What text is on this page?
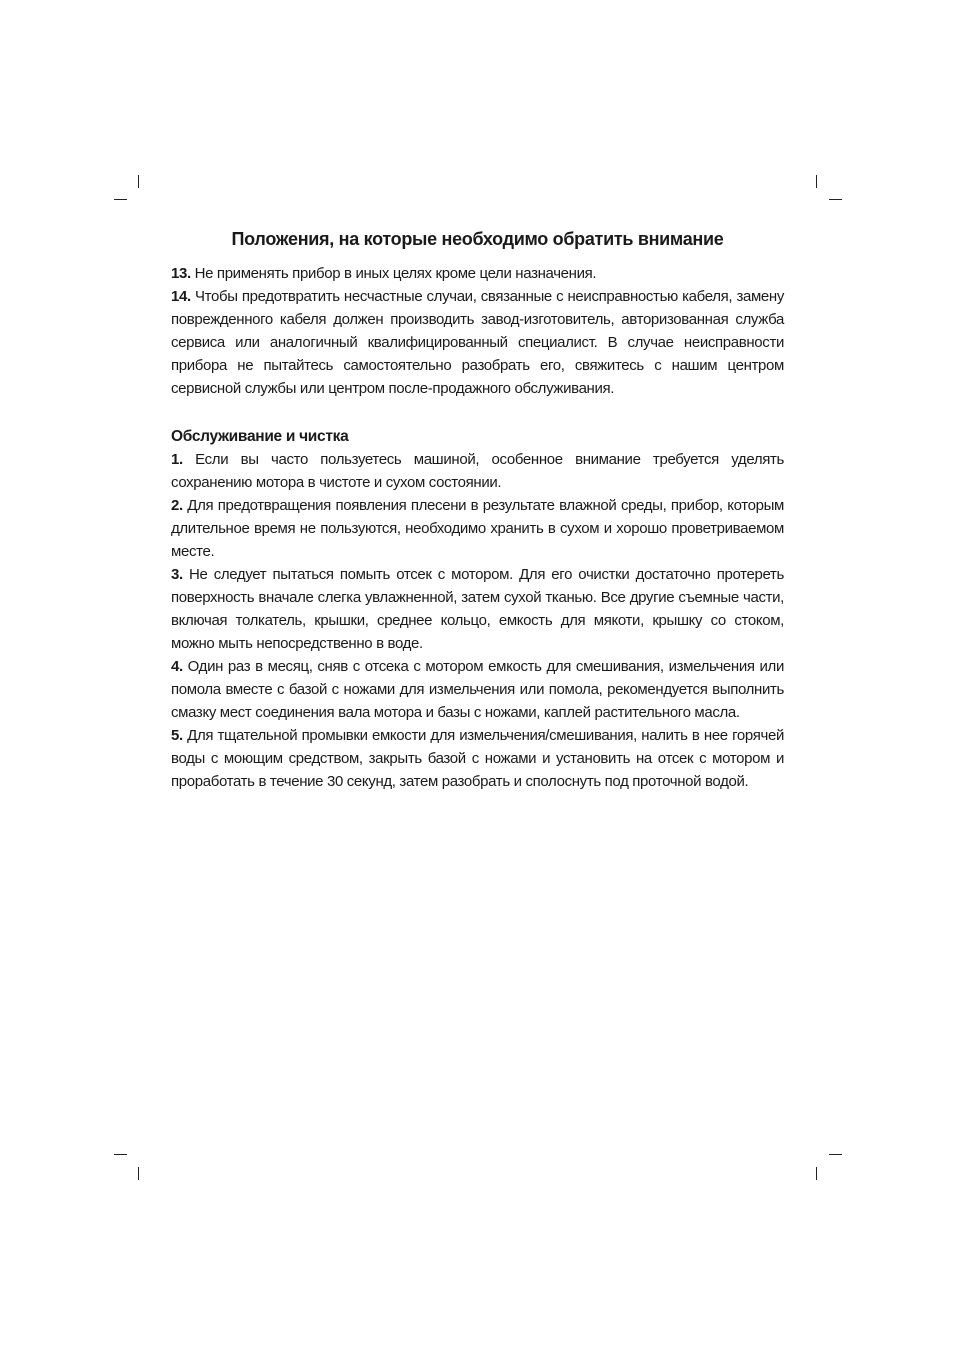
Положения, на которые необходимо обратить внимание

13. Не применять прибор в иных целях кроме цели назначения.

14. Чтобы предотвратить несчастные случаи, связанные с неисправностью кабеля, замену поврежденного кабеля должен производить завод-изготовитель, авторизованная служба сервиса или аналогичный квалифицированный специалист. В случае неисправности прибора не пытайтесь самостоятельно разобрать его, свяжитесь с нашим центром сервисной службы или центром после-продажного обслуживания.

Обслуживание и чистка

1. Если вы часто пользуетесь машиной, особенное внимание требуется уделять сохранению мотора в чистоте и сухом состоянии.

2. Для предотвращения появления плесени в результате влажной среды, прибор, которым длительное время не пользуются, необходимо хранить в сухом и хорошо проветриваемом месте.

3. Не следует пытаться помыть отсек с мотором. Для его очистки достаточно протереть поверхность вначале слегка увлажненной, затем сухой тканью. Все другие съемные части, включая толкатель, крышки, среднее кольцо, емкость для мякоти, крышку со стоком, можно мыть непосредственно в воде.

4. Один раз в месяц, сняв с отсека с мотором емкость для смешивания, измельчения или помола вместе с базой с ножами для измельчения или помола, рекомендуется выполнить смазку мест соединения вала мотора и базы с ножами, каплей растительного масла.

5. Для тщательной промывки емкости для измельчения/смешивания, налить в нее горячей воды с моющим средством, закрыть базой с ножами и установить на отсек с мотором и проработать в течение 30 секунд, затем разобрать и сполоснуть под проточной водой.
